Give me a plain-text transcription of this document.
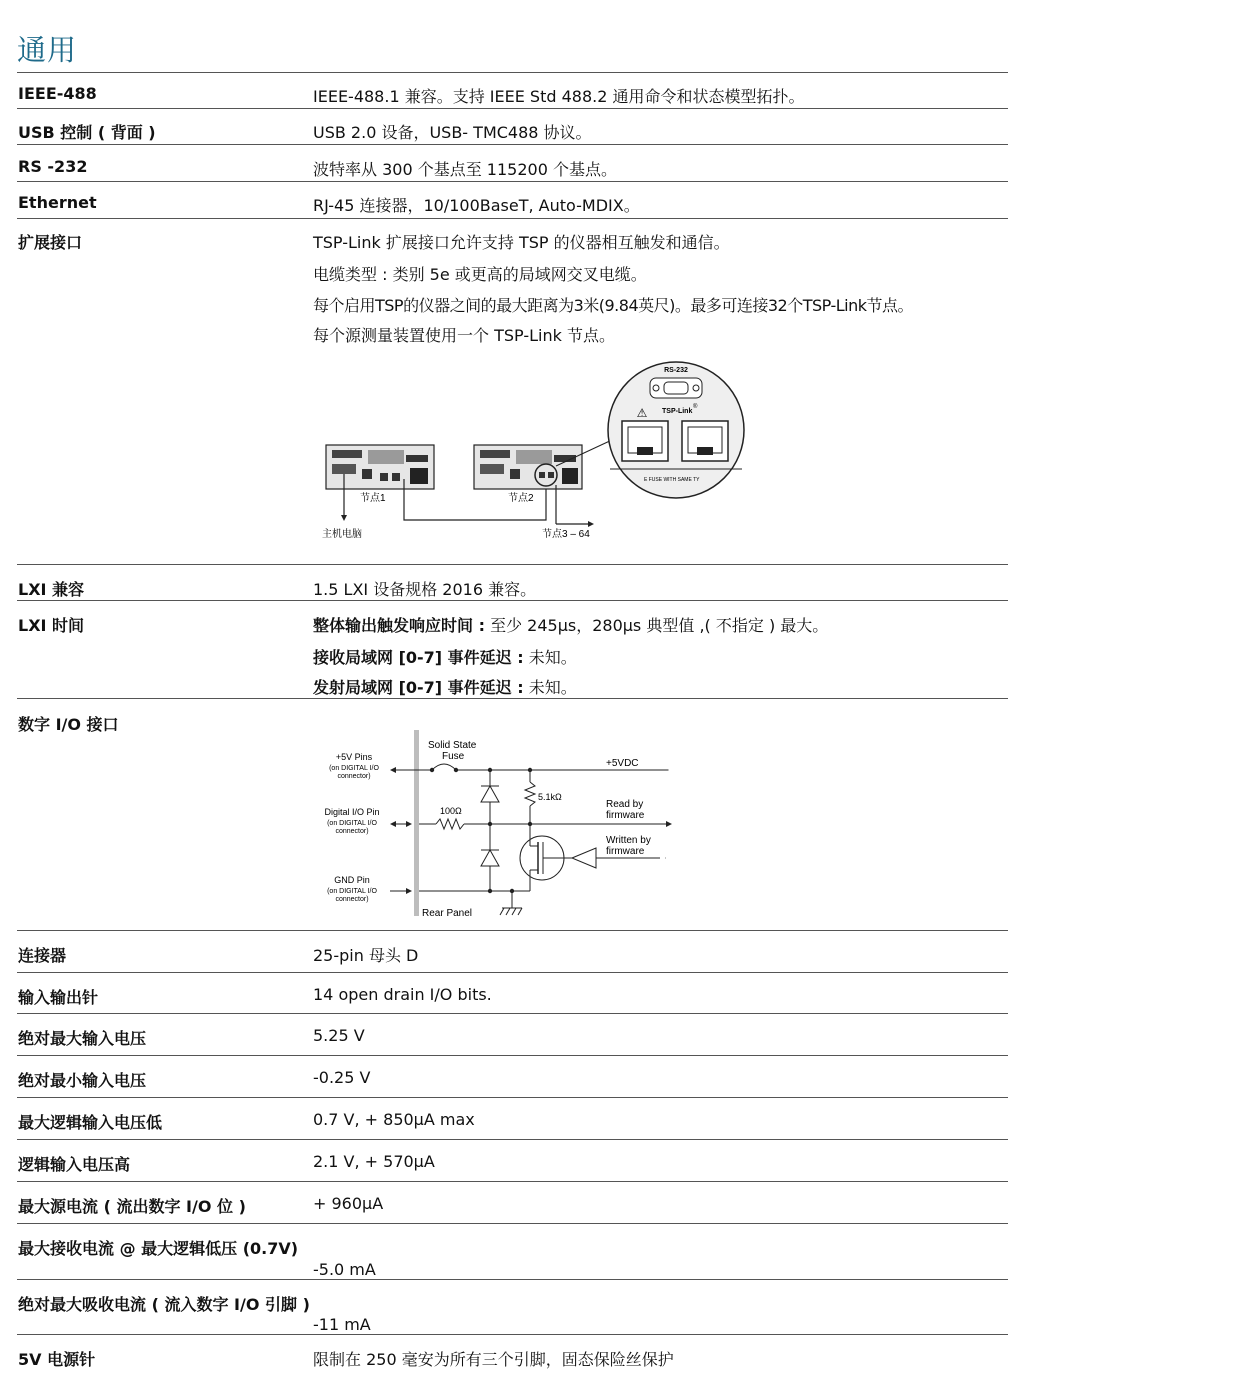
通用
IEEE-488	IEEE-488.1 兼容。支持 IEEE Std 488.2 通用命令和状态模型拓扑。
USB 控制 ( 背面 )	USB 2.0 设备，USB- TMC488 协议。
RS -232	波特率从 300 个基点至 115200 个基点。
Ethernet	RJ-45 连接器，10/100BaseT, Auto-MDIX。
扩展接口	TSP-Link 扩展接口允许支持 TSP 的仪器相互触发和通信。
电缆类型 : 类别 5e 或更高的局域网交叉电缆。
每个启用TSP的仪器之间的最大距离为3米(9.84英尺)。最多可连接32个TSP-Link节点。
每个源测量装置使用一个 TSP-Link 节点。
RS-232
⚠ TSP-Link
®
E FUSE WITH SAME TY
节点1	节点2
主机电脑	节点3 – 64
LXI 兼容	1.5 LXI 设备规格 2016 兼容。
LXI 时间	整体输出触发响应时间 : 至少 245μs，280μs 典型值 ,( 不指定 ) 最大。
接收局域网 [0-7] 事件延迟 : 未知。
发射局域网 [0-7] 事件延迟 : 未知。
数字 I/O 接口
Rear Panel
Solid State
Fuse
+5V Pins
(on DIGITAL I/O
connector)
+5VDC
5.1kΩ
Digital I/O Pin
(on DIGITAL I/O
connector)
100Ω
Read by
firmware
Written by
firmware
GND Pin
(on DIGITAL I/O
connector)
连接器	25-pin 母头 D
输入输出针	14 open drain I/O bits.
绝对最大输入电压	5.25 V
绝对最小输入电压	-0.25 V
最大逻辑输入电压低	0.7 V, + 850μA max
逻辑输入电压高	2.1 V, + 570μA
最大源电流 ( 流出数字 I/O 位 )	+ 960μA
最大接收电流 @ 最大逻辑低压 (0.7V)
-5.0 mA
绝对最大吸收电流 ( 流入数字 I/O 引脚 )
-11 mA
5V 电源针	限制在 250 毫安为所有三个引脚，固态保险丝保护
